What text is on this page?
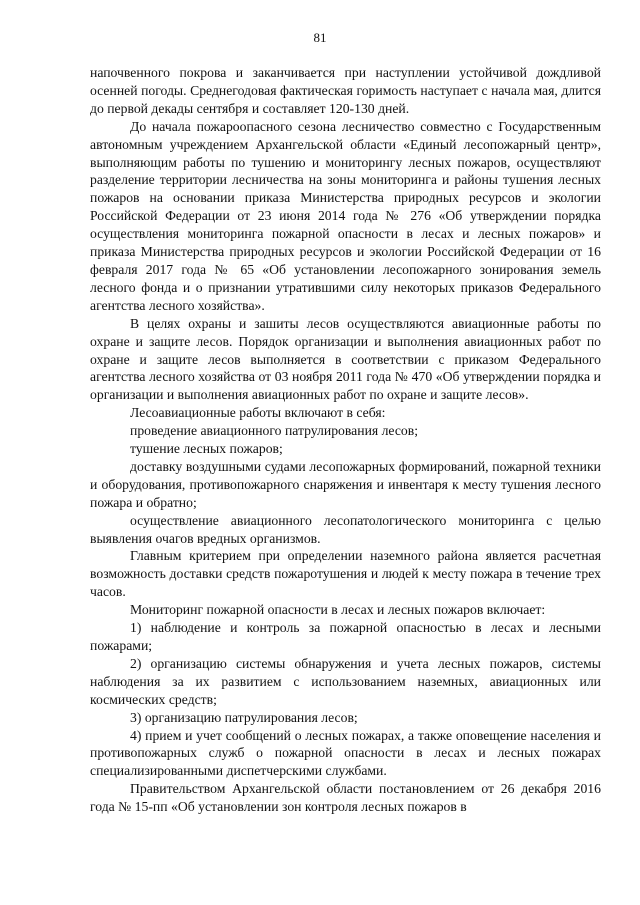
81

напочвенного покрова и заканчивается при наступлении устойчивой дождливой осенней погоды. Среднегодовая фактическая горимость наступает с начала мая, длится до первой декады сентября и составляет 120-130 дней.

До начала пожароопасного сезона лесничество совместно с Государственным автономным учреждением Архангельской области «Единый лесопожарный центр», выполняющим работы по тушению и мониторингу лесных пожаров, осуществляют разделение территории лесничества на зоны мониторинга и районы тушения лесных пожаров на основании приказа Министерства природных ресурсов и экологии Российской Федерации от 23 июня 2014 года № 276 «Об утверждении порядка осуществления мониторинга пожарной опасности в лесах и лесных пожаров» и приказа Министерства природных ресурсов и экологии Российской Федерации от 16 февраля 2017 года № 65 «Об установлении лесопожарного зонирования земель лесного фонда и о признании утратившими силу некоторых приказов Федерального агентства лесного хозяйства».

В целях охраны и зашиты лесов осуществляются авиационные работы по охране и защите лесов. Порядок организации и выполнения авиационных работ по охране и защите лесов выполняется в соответствии с приказом Федерального агентства лесного хозяйства от 03 ноября 2011 года № 470 «Об утверждении порядка и организации и выполнения авиационных работ по охране и защите лесов».

Лесоавиационные работы включают в себя:

проведение авиационного патрулирования лесов;

тушение лесных пожаров;

доставку воздушными судами лесопожарных формирований, пожарной техники и оборудования, противопожарного снаряжения и инвентаря к месту тушения лесного пожара и обратно;

осуществление авиационного лесопатологического мониторинга с целью выявления очагов вредных организмов.

Главным критерием при определении наземного района является расчетная возможность доставки средств пожаротушения и людей к месту пожара в течение трех часов.

Мониторинг пожарной опасности в лесах и лесных пожаров включает:

1) наблюдение и контроль за пожарной опасностью в лесах и лесными пожарами;

2) организацию системы обнаружения и учета лесных пожаров, системы наблюдения за их развитием с использованием наземных, авиационных или космических средств;

3) организацию патрулирования лесов;

4) прием и учет сообщений о лесных пожарах, а также оповещение населения и противопожарных служб о пожарной опасности в лесах и лесных пожарах специализированными диспетчерскими службами.

Правительством Архангельской области постановлением от 26 декабря 2016 года № 15-пп «Об установлении зон контроля лесных пожаров в
